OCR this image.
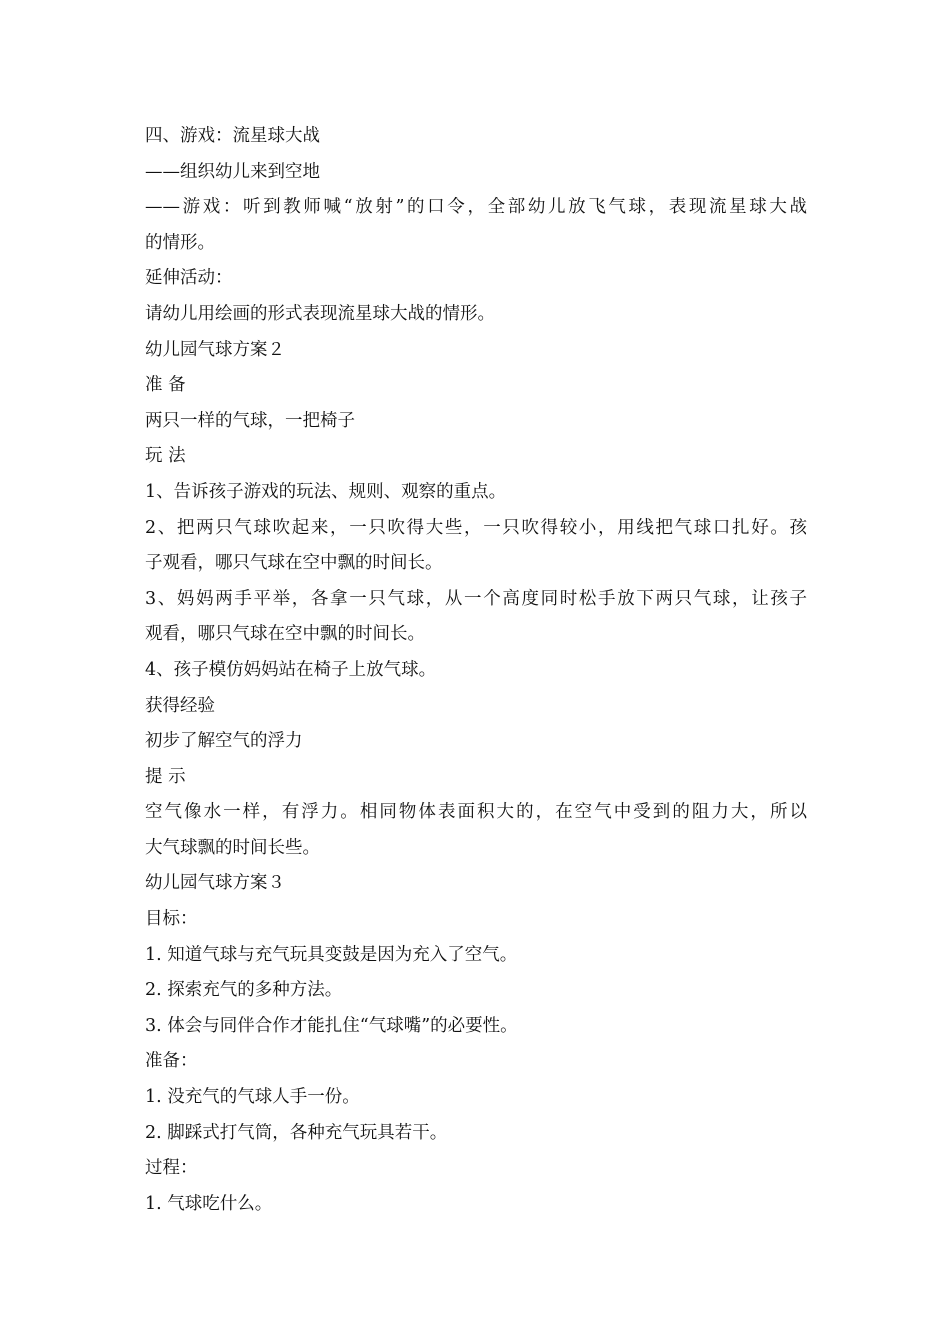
四、游戏：流星球大战
——组织幼儿来到空地
——游戏：听到教师喊“放射”的口令，全部幼儿放飞气球，表现流星球大战
的情形。
延伸活动：
请幼儿用绘画的形式表现流星球大战的情形。
幼儿园气球方案２
准 备
两只一样的气球，一把椅子
玩 法
1、告诉孩子游戏的玩法、规则、观察的重点。
2、把两只气球吹起来，一只吹得大些，一只吹得较小，用线把气球口扎好。孩
子观看，哪只气球在空中飘的时间长。
3、妈妈两手平举，各拿一只气球，从一个高度同时松手放下两只气球，让孩子
观看，哪只气球在空中飘的时间长。
4、孩子模仿妈妈站在椅子上放气球。
获得经验
初步了解空气的浮力
提 示
空气像水一样，有浮力。相同物体表面积大的，在空气中受到的阻力大，所以
大气球飘的时间长些。
幼儿园气球方案３
目标：
1. 知道气球与充气玩具变鼓是因为充入了空气。
2. 探索充气的多种方法。
3. 体会与同伴合作才能扎住“气球嘴”的必要性。
准备：
1. 没充气的气球人手一份。
2. 脚踩式打气筒，各种充气玩具若干。
过程：
1. 气球吃什么。
